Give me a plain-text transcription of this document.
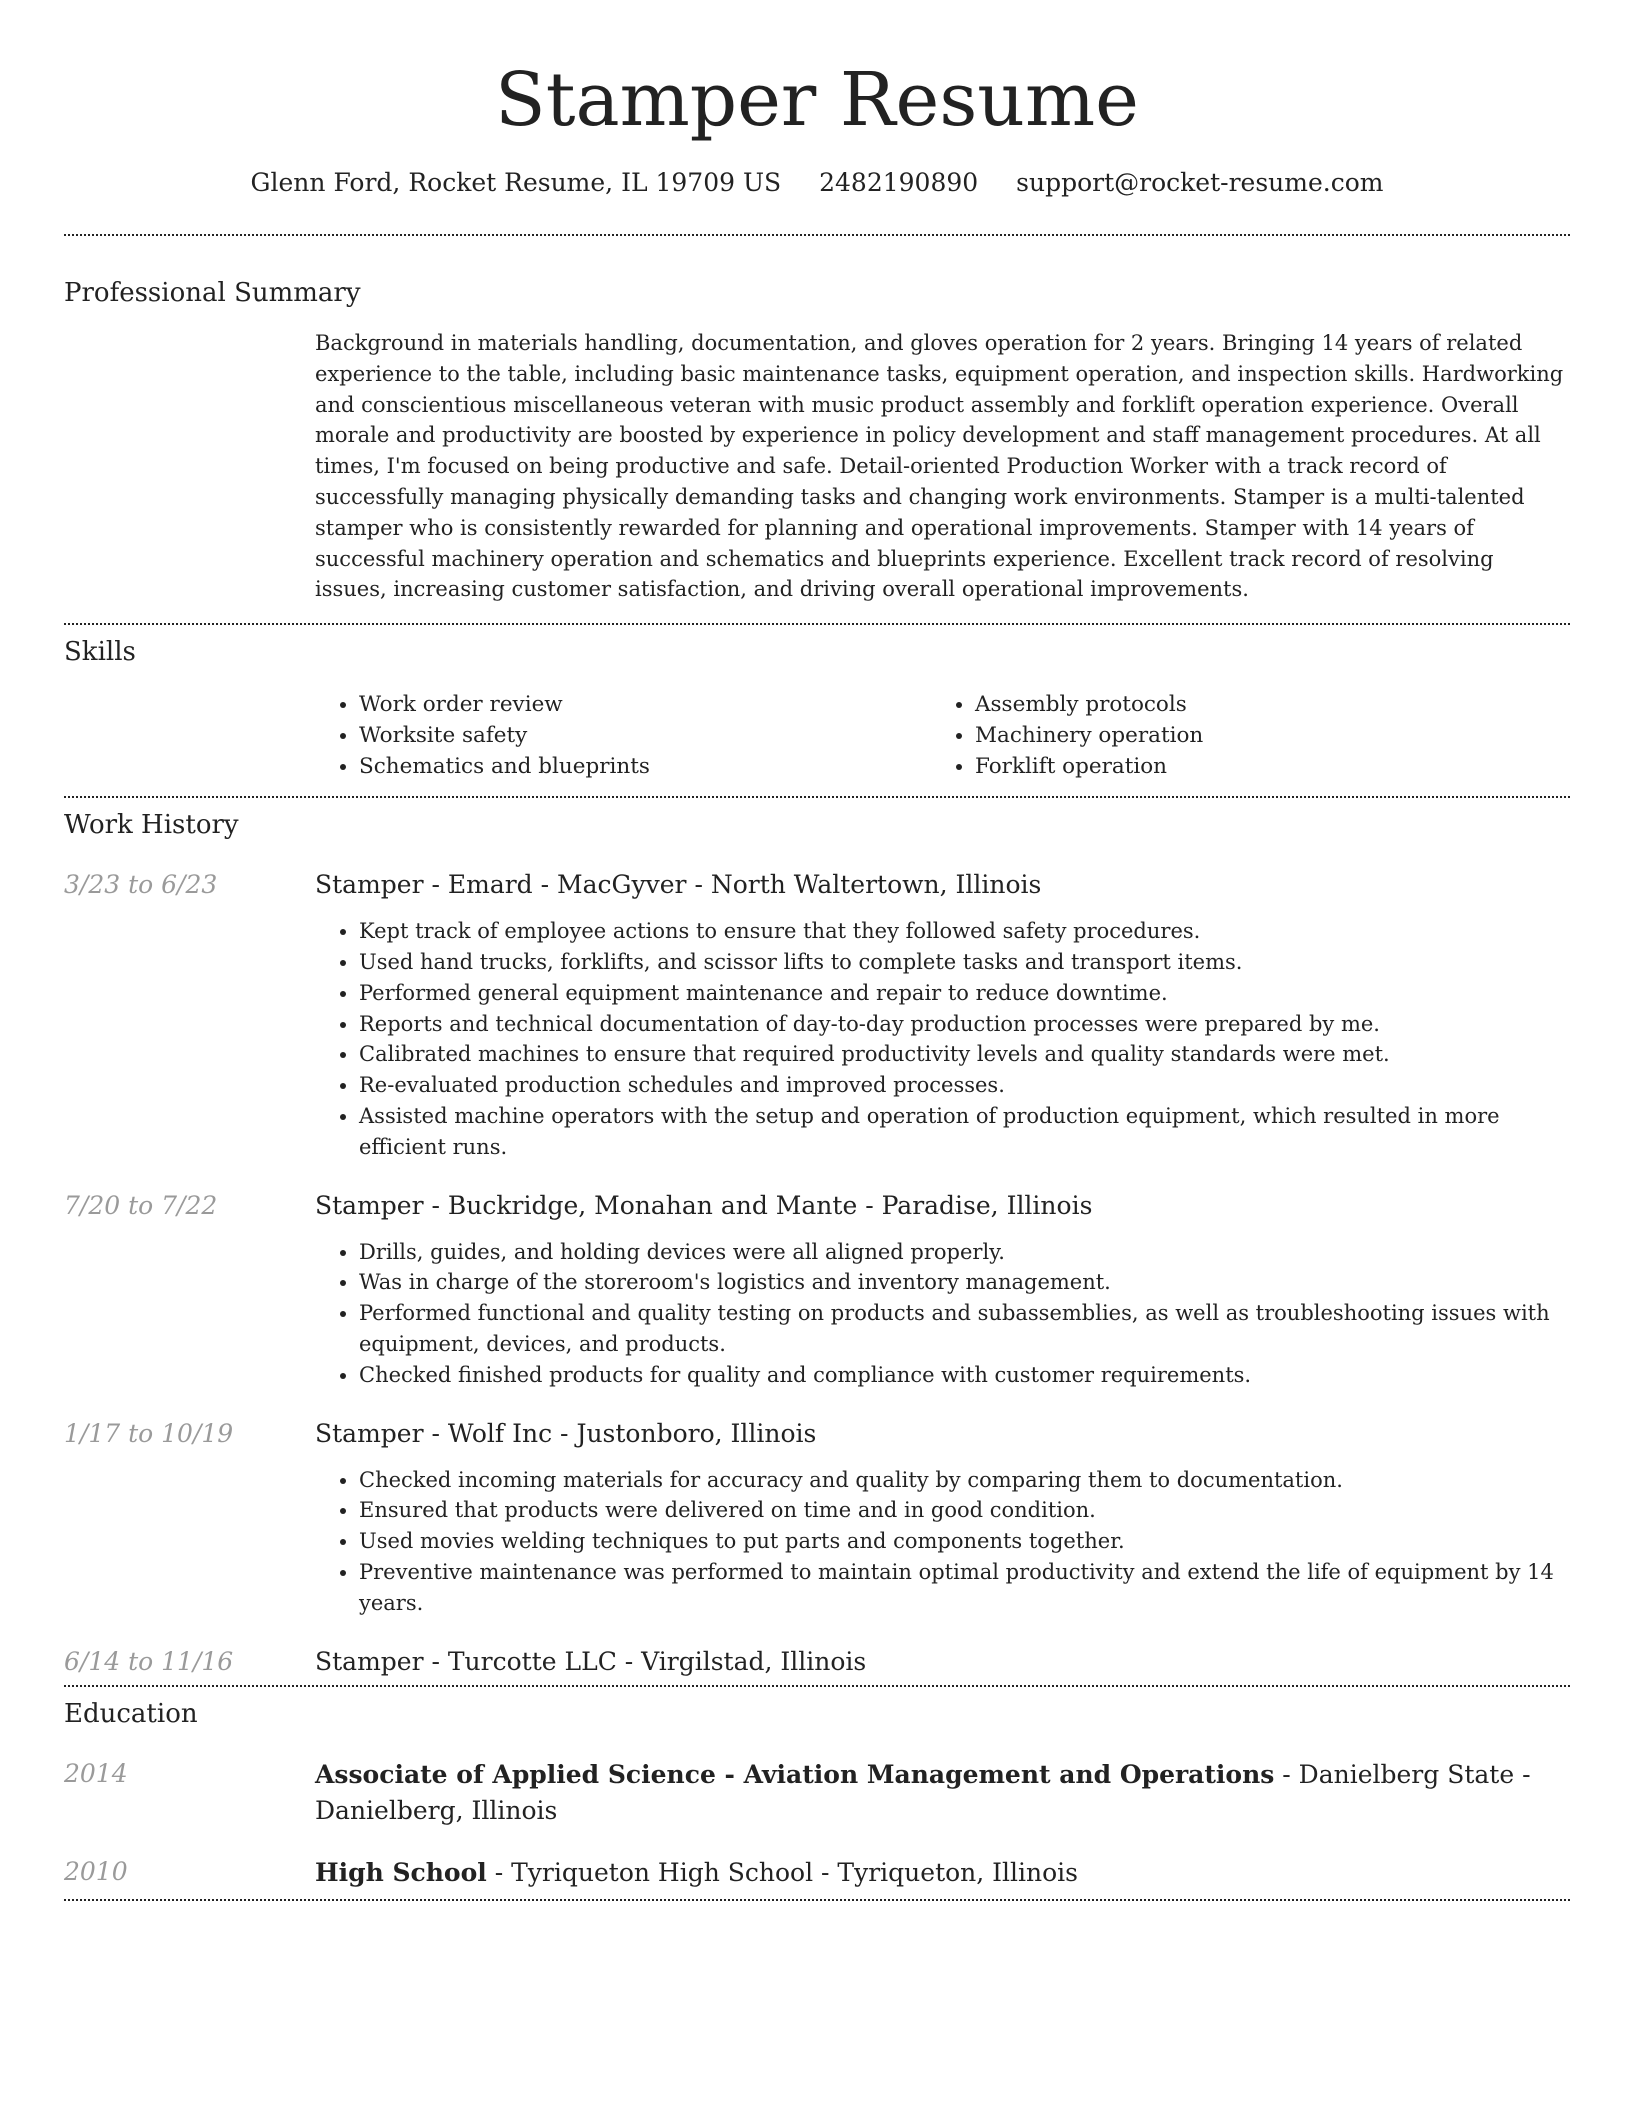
Stamper Resume
Glenn Ford, Rocket Resume, IL 19709 US 2482190890 support@rocket-resume.com
Professional Summary
Background in materials handling, documentation, and gloves operation for 2 years. Bringing 14 years of related experience to the table, including basic maintenance tasks, equipment operation, and inspection skills. Hardworking and conscientious miscellaneous veteran with music product assembly and forklift operation experience. Overall morale and productivity are boosted by experience in policy development and staff management procedures. At all times, I'm focused on being productive and safe. Detail-oriented Production Worker with a track record of successfully managing physically demanding tasks and changing work environments. Stamper is a multi-talented stamper who is consistently rewarded for planning and operational improvements. Stamper with 14 years of successful machinery operation and schematics and blueprints experience. Excellent track record of resolving issues, increasing customer satisfaction, and driving overall operational improvements.
Skills
• Work order review
• Worksite safety
• Schematics and blueprints
• Assembly protocols
• Machinery operation
• Forklift operation
Work History
3/23 to 6/23	Stamper - Emard - MacGyver - North Waltertown, Illinois
• Kept track of employee actions to ensure that they followed safety procedures.
• Used hand trucks, forklifts, and scissor lifts to complete tasks and transport items.
• Performed general equipment maintenance and repair to reduce downtime.
• Reports and technical documentation of day-to-day production processes were prepared by me.
• Calibrated machines to ensure that required productivity levels and quality standards were met.
• Re-evaluated production schedules and improved processes.
• Assisted machine operators with the setup and operation of production equipment, which resulted in more efficient runs.
7/20 to 7/22	Stamper - Buckridge, Monahan and Mante - Paradise, Illinois
• Drills, guides, and holding devices were all aligned properly.
• Was in charge of the storeroom's logistics and inventory management.
• Performed functional and quality testing on products and subassemblies, as well as troubleshooting issues with equipment, devices, and products.
• Checked finished products for quality and compliance with customer requirements.
1/17 to 10/19	Stamper - Wolf Inc - Justonboro, Illinois
• Checked incoming materials for accuracy and quality by comparing them to documentation.
• Ensured that products were delivered on time and in good condition.
• Used movies welding techniques to put parts and components together.
• Preventive maintenance was performed to maintain optimal productivity and extend the life of equipment by 14 years.
6/14 to 11/16	Stamper - Turcotte LLC - Virgilstad, Illinois
Education
2014	Associate of Applied Science - Aviation Management and Operations - Danielberg State - Danielberg, Illinois
2010	High School - Tyriqueton High School - Tyriqueton, Illinois
